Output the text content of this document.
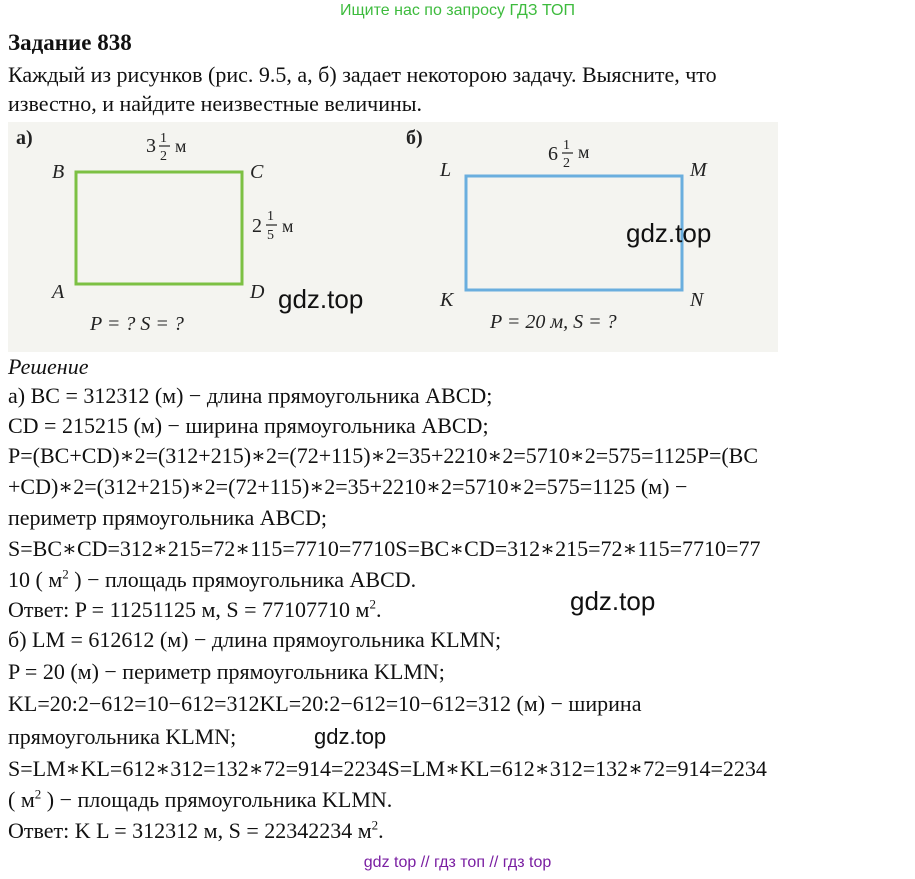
Ищите нас по запросу ГДЗ ТОП
Задание 838
Каждый из рисунков (рис. 9.5, а, б) задает некоторою задачу. Выясните, что
известно, и найдите неизвестные величины.
а)
B	C
A	D
3 1
2
м
2 1
5 м
P = ? S = ?
б)
L	M
K	N
6 1
2
м
P = 20 м, S = ?
gdz.top
gdz.top
gdz.top
gdz.top
Решение
а) BC = 312312 (м) − длина прямоугольника ABCD;
CD = 215215 (м) − ширина прямоугольника ABCD;
P=(BC+CD)∗2=(312+215)∗2=(72+115)∗2=35+2210∗2=5710∗2=575=1125P=(BC
+CD)∗2=(312+215)∗2=(72+115)∗2=35+2210∗2=5710∗2=575=1125 (м) −
периметр прямоугольника ABCD;
S=BC∗CD=312∗215=72∗115=7710=7710S=BC∗CD=312∗215=72∗115=7710=77
10 ( $м^2$ ) − площадь прямоугольника ABCD.
Ответ: P = 11251125 м, S = 77107710 $м^2$.
б) LM = 612612 (м) − длина прямоугольника KLMN;
P = 20 (м) − периметр прямоугольника KLMN;
KL=20:2−612=10−612=312KL=20:2−612=10−612=312 (м) − ширина
прямоугольника KLMN;
S=LM∗KL=612∗312=132∗72=914=2234S=LM∗KL=612∗312=132∗72=914=2234
( $м^2$ ) − площадь прямоугольника KLMN.
Ответ: K L = 312312 м, S = 22342234 $м^2$.
gdz top // гдз топ // гдз top
